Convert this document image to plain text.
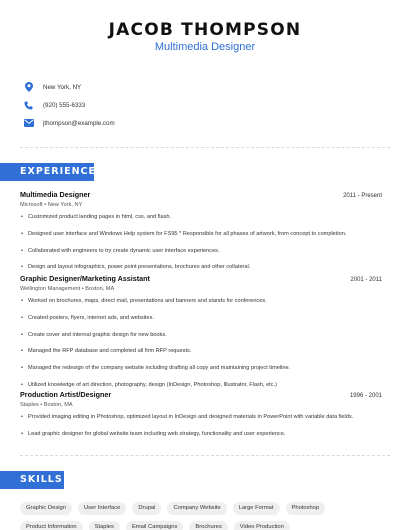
JACOB THOMPSON
Multimedia Designer
New York, NY
(920) 555-6333
jthompson@example.com
EXPERIENCE
Multimedia Designer	2011 - Present
Microsoft • New York, NY
• Customized product landing pages in html, css, and flash.
• Designed user interface and Windows Help system for FS95 * Responsible for all phases of artwork, from concept to completion.
• Collaborated with engineers to try create dynamic user interface experiences.
• Design and layout infographics, power point presentations, brochures and other collateral.
Graphic Designer/Marketing Assistant	2001 - 2011
Wellington Management • Boston, MA
• Worked on brochures, maps, direct mail, presentations and banners and stands for conferences.
• Created posters, flyers, internet ads, and websites.
• Create cover and internal graphic design for new books.
• Managed the RFP database and completed all firm RFP requests.
• Managed the redesign of the company website including drafting all copy and maintaining project timeline.
• Utilized knowledge of art direction, photography, design (InDesign, Photoshop, Illustrator, Flash, etc.)
Production Artist/Designer	1996 - 2001
Staples • Boston, MA
• Provided imaging editing in Photoshop, optimized layout in InDesign and designed materials in PowerPoint with variable data fields.
• Lead graphic designer for global website team including web strategy, functionality and user experience.
SKILLS
Graphic Design	User Interface	Drupal	Company Website	Large Format	Photoshop
Product Information	Staples	Email Campaigns	Brochures	Video Production
